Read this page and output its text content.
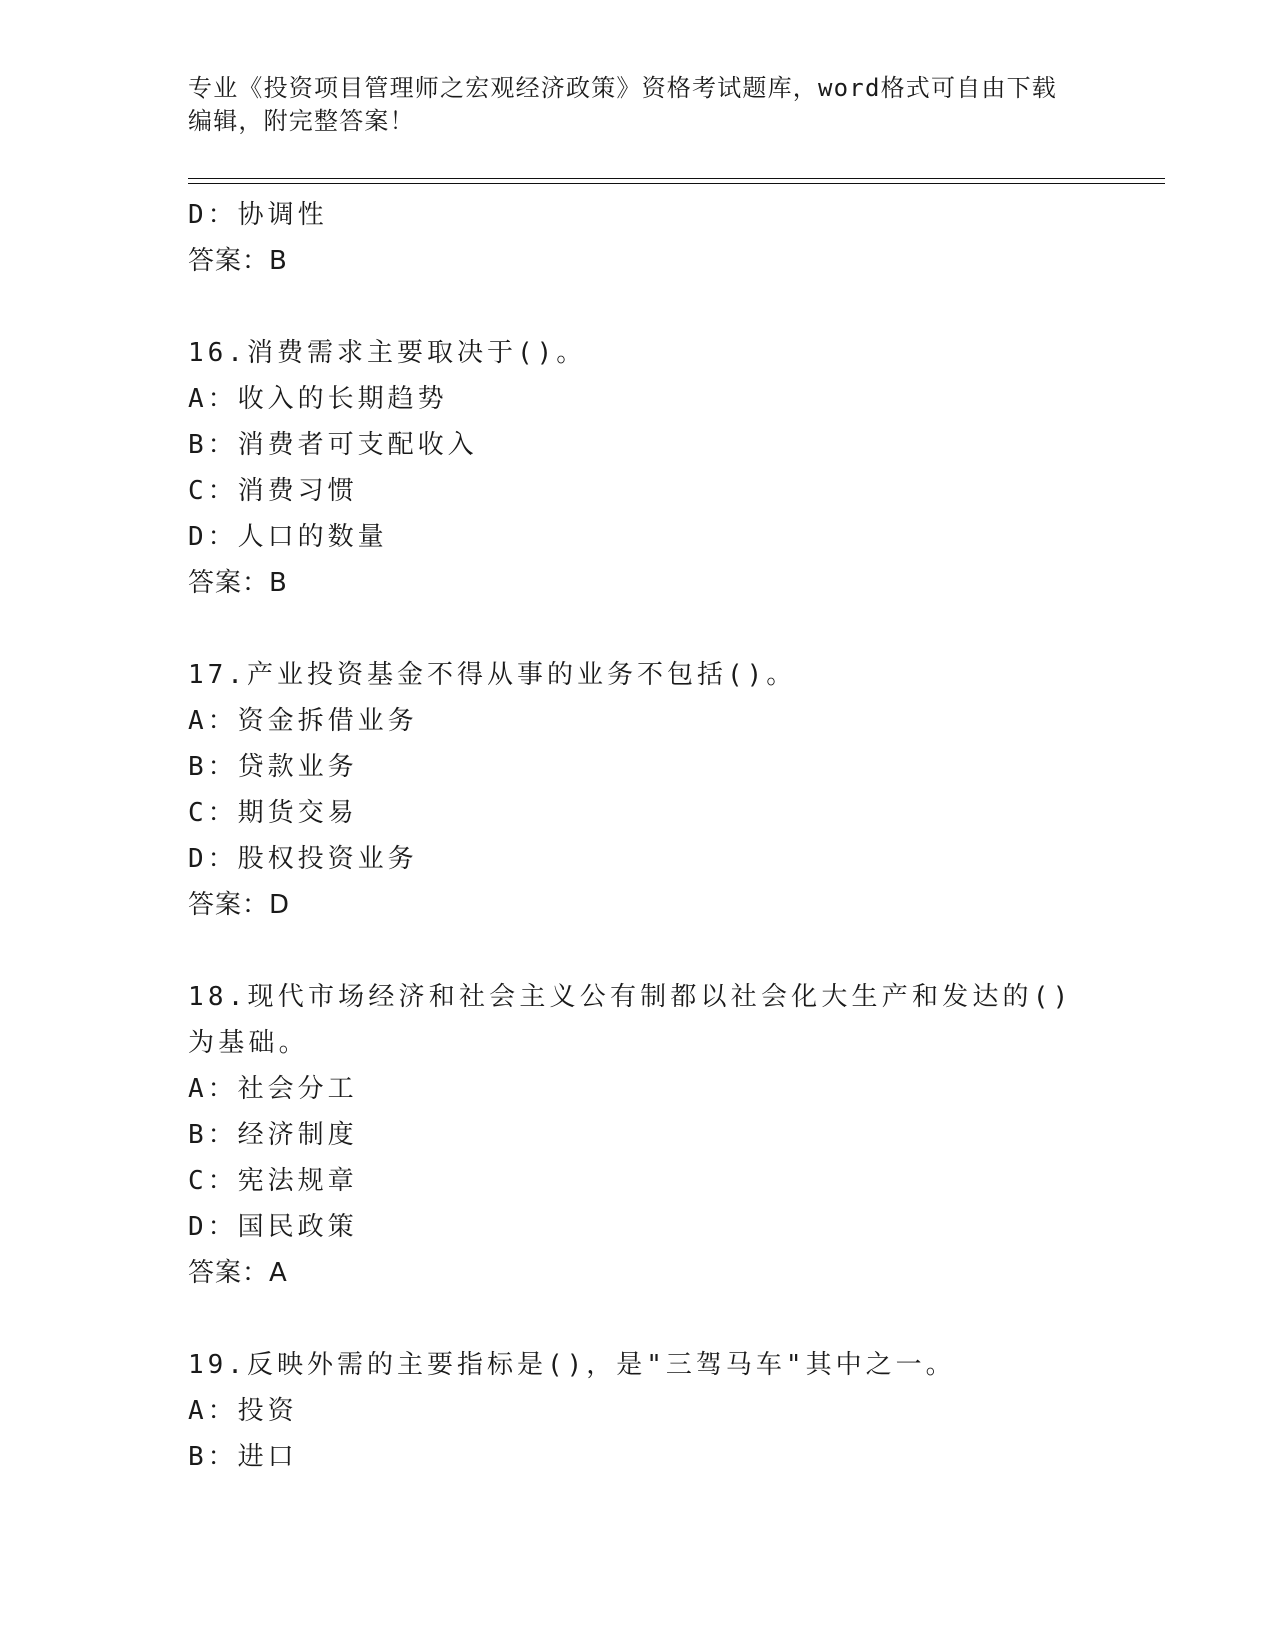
专业《投资项目管理师之宏观经济政策》资格考试题库，word格式可自由下载编辑，附完整答案！
D：协调性
答案：B
16.消费需求主要取决于()。
A：收入的长期趋势
B：消费者可支配收入
C：消费习惯
D：人口的数量
答案：B
17.产业投资基金不得从事的业务不包括()。
A：资金拆借业务
B：贷款业务
C：期货交易
D：股权投资业务
答案：D
18.现代市场经济和社会主义公有制都以社会化大生产和发达的()为基础。
A：社会分工
B：经济制度
C：宪法规章
D：国民政策
答案：A
19.反映外需的主要指标是()，是"三驾马车"其中之一。
A：投资
B：进口
